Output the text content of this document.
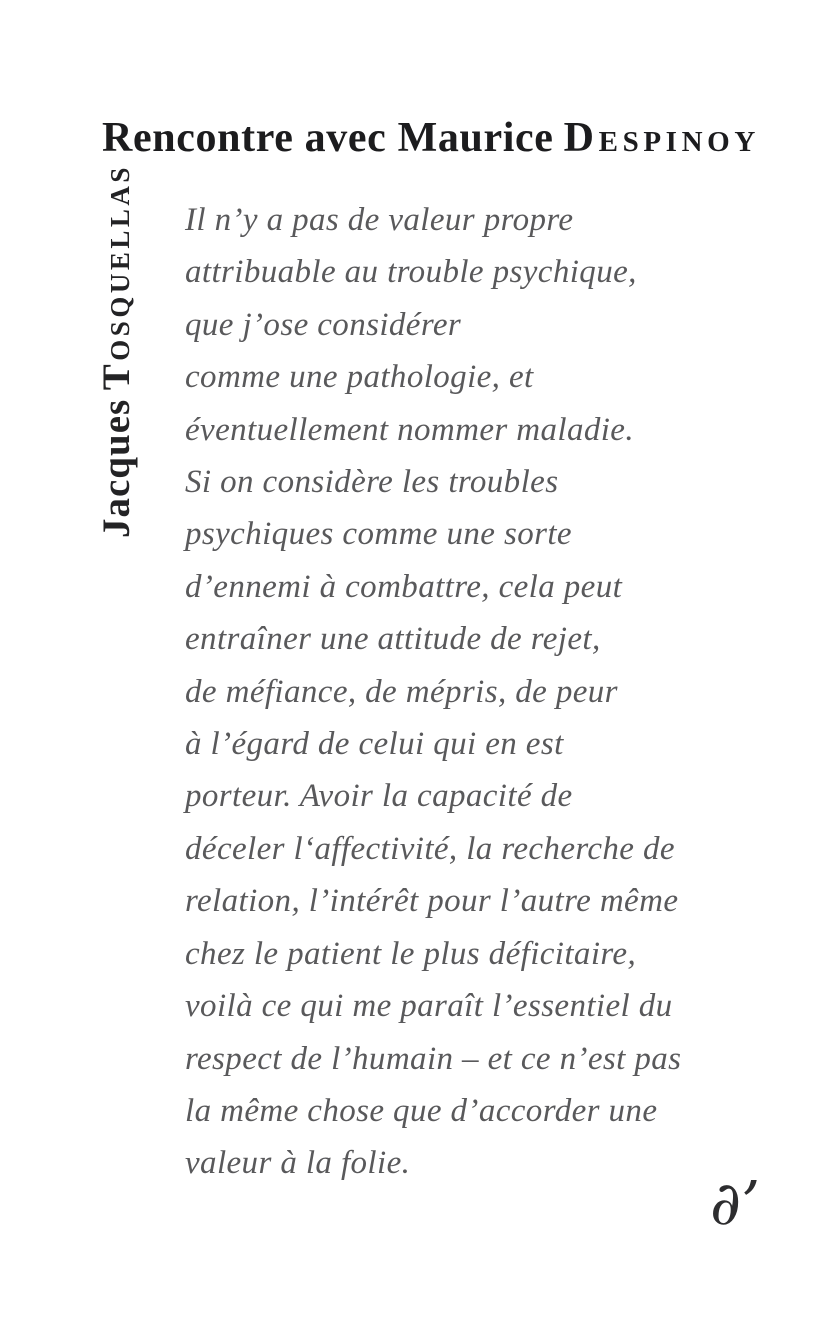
Rencontre avec Maurice Despinoy
JacquesTosquellas Il n’y a pas de valeur propre
attribuable au trouble psychique,
que j’ose considérer
comme une pathologie, et
éventuellement nommer maladie.
Si on considère les troubles
psychiques comme une sorte
d’ennemi à combattre, cela peut
entraîner une attitude de rejet,
de méfiance, de mépris, de peur
à l’égard de celui qui en est
porteur. Avoir la capacité de
déceler l‘affectivité, la recherche de
relation, l’intérêt pour l’autre même
chez le patient le plus déficitaire,
voilà ce qui me paraît l’essentiel du
respect de l’humain – et ce n’est pas
la même chose que d’accorder une
valeur à la folie.
∂’
